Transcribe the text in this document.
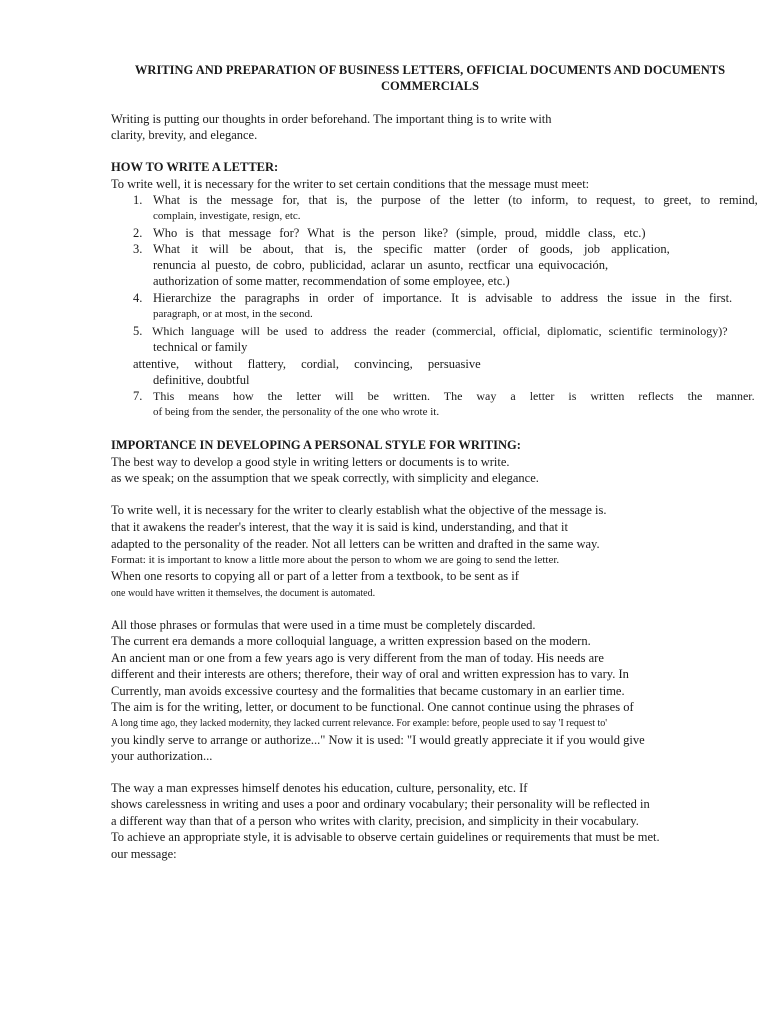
WRITING AND PREPARATION OF BUSINESS LETTERS, OFFICIAL DOCUMENTS AND DOCUMENTS COMMERCIALS
Writing is putting our thoughts in order beforehand. The important thing is to write with
clarity, brevity, and elegance.
HOW TO WRITE A LETTER:
To write well, it is necessary for the writer to set certain conditions that the message must meet:
1. What is the message for, that is, the purpose of the letter (to inform, to request, to greet, to remind,
complain, investigate, resign, etc.
2. Who is that message for? What is the person like? (simple, proud, middle class, etc.)
3. What it will be about, that is, the specific matter (order of goods, job application,
renuncia al puesto, de cobro, publicidad, aclarar un asunto, rectficar una equivocación,
authorization of some matter, recommendation of some employee, etc.)
4. Hierarchize the paragraphs in order of importance. It is advisable to address the issue in the first.
paragraph, or at most, in the second.
5. Which language will be used to address the reader (commercial, official, diplomatic, scientific terminology)?
technical or family
attentive, without flattery, cordial, convincing, persuasive
definitive, doubtful
7. This means how the letter will be written. The way a letter is written reflects the manner.
of being from the sender, the personality of the one who wrote it.
IMPORTANCE IN DEVELOPING A PERSONAL STYLE FOR WRITING:
The best way to develop a good style in writing letters or documents is to write.
as we speak; on the assumption that we speak correctly, with simplicity and elegance.
To write well, it is necessary for the writer to clearly establish what the objective of the message is.
that it awakens the reader's interest, that the way it is said is kind, understanding, and that it
adapted to the personality of the reader. Not all letters can be written and drafted in the same way.
Format: it is important to know a little more about the person to whom we are going to send the letter.
When one resorts to copying all or part of a letter from a textbook, to be sent as if
one would have written it themselves, the document is automated.
All those phrases or formulas that were used in a time must be completely discarded.
The current era demands a more colloquial language, a written expression based on the modern.
An ancient man or one from a few years ago is very different from the man of today. His needs are
different and their interests are others; therefore, their way of oral and written expression has to vary. In
Currently, man avoids excessive courtesy and the formalities that became customary in an earlier time.
The aim is for the writing, letter, or document to be functional. One cannot continue using the phrases of
A long time ago, they lacked modernity, they lacked current relevance. For example: before, people used to say 'I request to'
you kindly serve to arrange or authorize..." Now it is used: "I would greatly appreciate it if you would give
your authorization...
The way a man expresses himself denotes his education, culture, personality, etc. If
shows carelessness in writing and uses a poor and ordinary vocabulary; their personality will be reflected in
a different way than that of a person who writes with clarity, precision, and simplicity in their vocabulary.
To achieve an appropriate style, it is advisable to observe certain guidelines or requirements that must be met.
our message:
